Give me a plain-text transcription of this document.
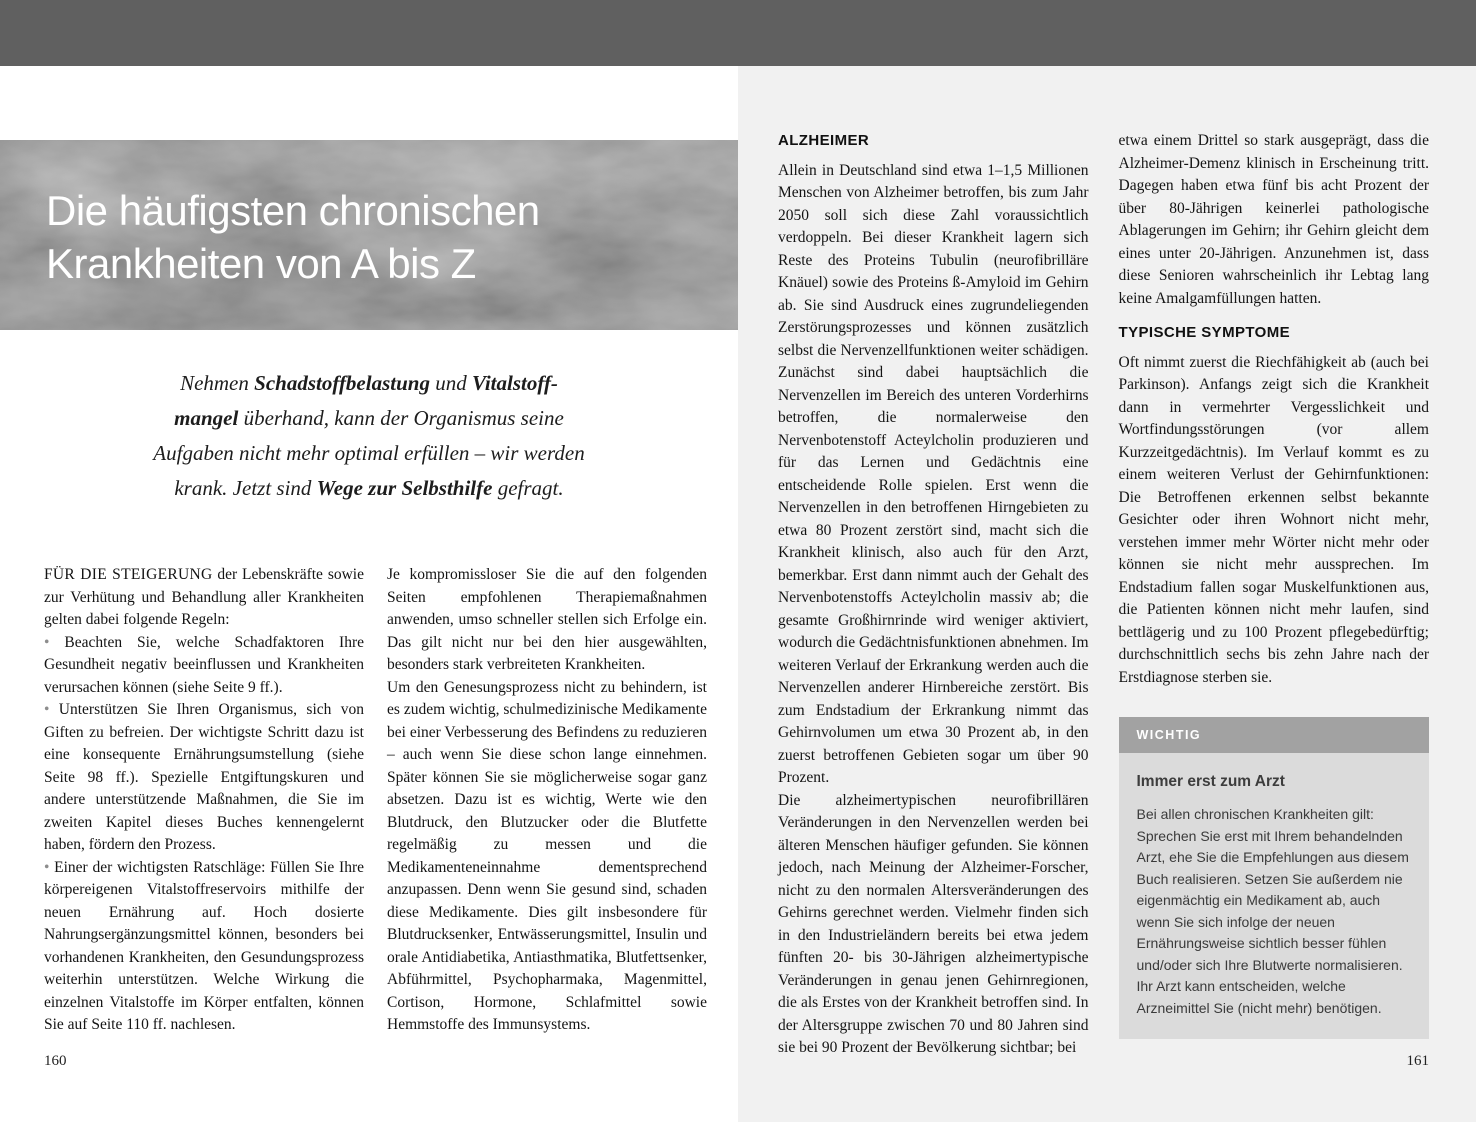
Die häufigsten chronischen
Krankheiten von A bis Z
Nehmen Schadstoffbelastung und Vitalstoff-
mangel überhand, kann der Organismus seine
Aufgaben nicht mehr optimal erfüllen – wir werden
krank. Jetzt sind Wege zur Selbsthilfe gefragt.

FÜR DIE STEIGERUNG der Lebenskräfte sowie zur Verhütung und Behandlung aller Krankheiten gelten dabei folgende Regeln:

• Beachten Sie, welche Schadfaktoren Ihre Gesundheit negativ beeinflussen und Krankheiten verursachen können (siehe Seite 9 ff.).

• Unterstützen Sie Ihren Organismus, sich von Giften zu befreien. Der wichtigste Schritt dazu ist eine konsequente Ernährungsumstellung (siehe Seite 98 ff.). Spezielle Entgiftungskuren und andere unterstützende Maßnahmen, die Sie im zweiten Kapitel dieses Buches kennengelernt haben, fördern den Prozess.

• Einer der wichtigsten Ratschläge: Füllen Sie Ihre körpereigenen Vitalstoffreservoirs mithilfe der neuen Ernährung auf. Hoch dosierte Nahrungsergänzungsmittel können, besonders bei vorhandenen Krankheiten, den Gesundungsprozess weiterhin unterstützen. Welche Wirkung die einzelnen Vitalstoffe im Körper entfalten, können Sie auf Seite 110 ff. nachlesen.

Je kompromissloser Sie die auf den folgenden Seiten empfohlenen Therapiemaßnahmen anwenden, umso schneller stellen sich Erfolge ein. Das gilt nicht nur bei den hier ausgewählten, besonders stark verbreiteten Krankheiten.

Um den Genesungsprozess nicht zu behindern, ist es zudem wichtig, schulmedizinische Medikamente bei einer Verbesserung des Befindens zu reduzieren – auch wenn Sie diese schon lange einnehmen. Später können Sie sie möglicherweise sogar ganz absetzen. Dazu ist es wichtig, Werte wie den Blutdruck, den Blutzucker oder die Blutfette regelmäßig zu messen und die Medikamenteneinnahme dementsprechend anzupassen. Denn wenn Sie gesund sind, schaden diese Medikamente. Dies gilt insbesondere für Blutdrucksenker, Entwässerungsmittel, Insulin und orale Antidiabetika, Antiasthmatika, Blutfettsenker, Abführmittel, Psychopharmaka, Magenmittel, Cortison, Hormone, Schlafmittel sowie Hemmstoffe des Immunsystems.

160
ALZHEIMER

Allein in Deutschland sind etwa 1–1,5 Millionen Menschen von Alzheimer betroffen, bis zum Jahr 2050 soll sich diese Zahl voraussichtlich verdoppeln. Bei dieser Krankheit lagern sich Reste des Proteins Tubulin (neurofibrilläre Knäuel) sowie des Proteins ß-Amyloid im Gehirn ab. Sie sind Ausdruck eines zugrundeliegenden Zerstörungsprozesses und können zusätzlich selbst die Nervenzellfunktionen weiter schädigen. Zunächst sind dabei hauptsächlich die Nervenzellen im Bereich des unteren Vorderhirns betroffen, die normalerweise den Nervenbotenstoff Acteylcholin produzieren und für das Lernen und Gedächtnis eine entscheidende Rolle spielen. Erst wenn die Nervenzellen in den betroffenen Hirngebieten zu etwa 80 Prozent zerstört sind, macht sich die Krankheit klinisch, also auch für den Arzt, bemerkbar. Erst dann nimmt auch der Gehalt des Nervenbotenstoffs Acteylcholin massiv ab; die gesamte Großhirnrinde wird weniger aktiviert, wodurch die Gedächtnisfunktionen abnehmen. Im weiteren Verlauf der Erkrankung werden auch die Nervenzellen anderer Hirnbereiche zerstört. Bis zum Endstadium der Erkrankung nimmt das Gehirnvolumen um etwa 30 Prozent ab, in den zuerst betroffenen Gebieten sogar um über 90 Prozent.

Die alzheimertypischen neurofibrillären Veränderungen in den Nervenzellen werden bei älteren Menschen häufiger gefunden. Sie können jedoch, nach Meinung der Alzheimer-Forscher, nicht zu den normalen Altersveränderungen des Gehirns gerechnet werden. Vielmehr finden sich in den Industrieländern bereits bei etwa jedem fünften 20- bis 30-Jährigen alzheimertypische Veränderungen in genau jenen Gehirnregionen, die als Erstes von der Krankheit betroffen sind. In der Altersgruppe zwischen 70 und 80 Jahren sind sie bei 90 Prozent der Bevölkerung sichtbar; bei

etwa einem Drittel so stark ausgeprägt, dass die Alzheimer-Demenz klinisch in Erscheinung tritt. Dagegen haben etwa fünf bis acht Prozent der über 80-Jährigen keinerlei pathologische Ablagerungen im Gehirn; ihr Gehirn gleicht dem eines unter 20-Jährigen. Anzunehmen ist, dass diese Senioren wahrscheinlich ihr Lebtag lang keine Amalgamfüllungen hatten.

TYPISCHE SYMPTOME

Oft nimmt zuerst die Riechfähigkeit ab (auch bei Parkinson). Anfangs zeigt sich die Krankheit dann in vermehrter Vergesslichkeit und Wortfindungsstörungen (vor allem Kurzzeitgedächtnis). Im Verlauf kommt es zu einem weiteren Verlust der Gehirnfunktionen: Die Betroffenen erkennen selbst bekannte Gesichter oder ihren Wohnort nicht mehr, verstehen immer mehr Wörter nicht mehr oder können sie nicht mehr aussprechen. Im Endstadium fallen sogar Muskelfunktionen aus, die Patienten können nicht mehr laufen, sind bettlägerig und zu 100 Prozent pflegebedürftig; durchschnittlich sechs bis zehn Jahre nach der Erstdiagnose sterben sie.

WICHTIG
Immer erst zum Arzt

Bei allen chronischen Krankheiten gilt: Sprechen Sie erst mit Ihrem behandelnden Arzt, ehe Sie die Empfehlungen aus diesem Buch realisieren. Setzen Sie außerdem nie eigenmächtig ein Medikament ab, auch wenn Sie sich infolge der neuen Ernährungsweise sichtlich besser fühlen und/oder sich Ihre Blutwerte normalisieren. Ihr Arzt kann entscheiden, welche Arzneimittel Sie (nicht mehr) benötigen.

161
